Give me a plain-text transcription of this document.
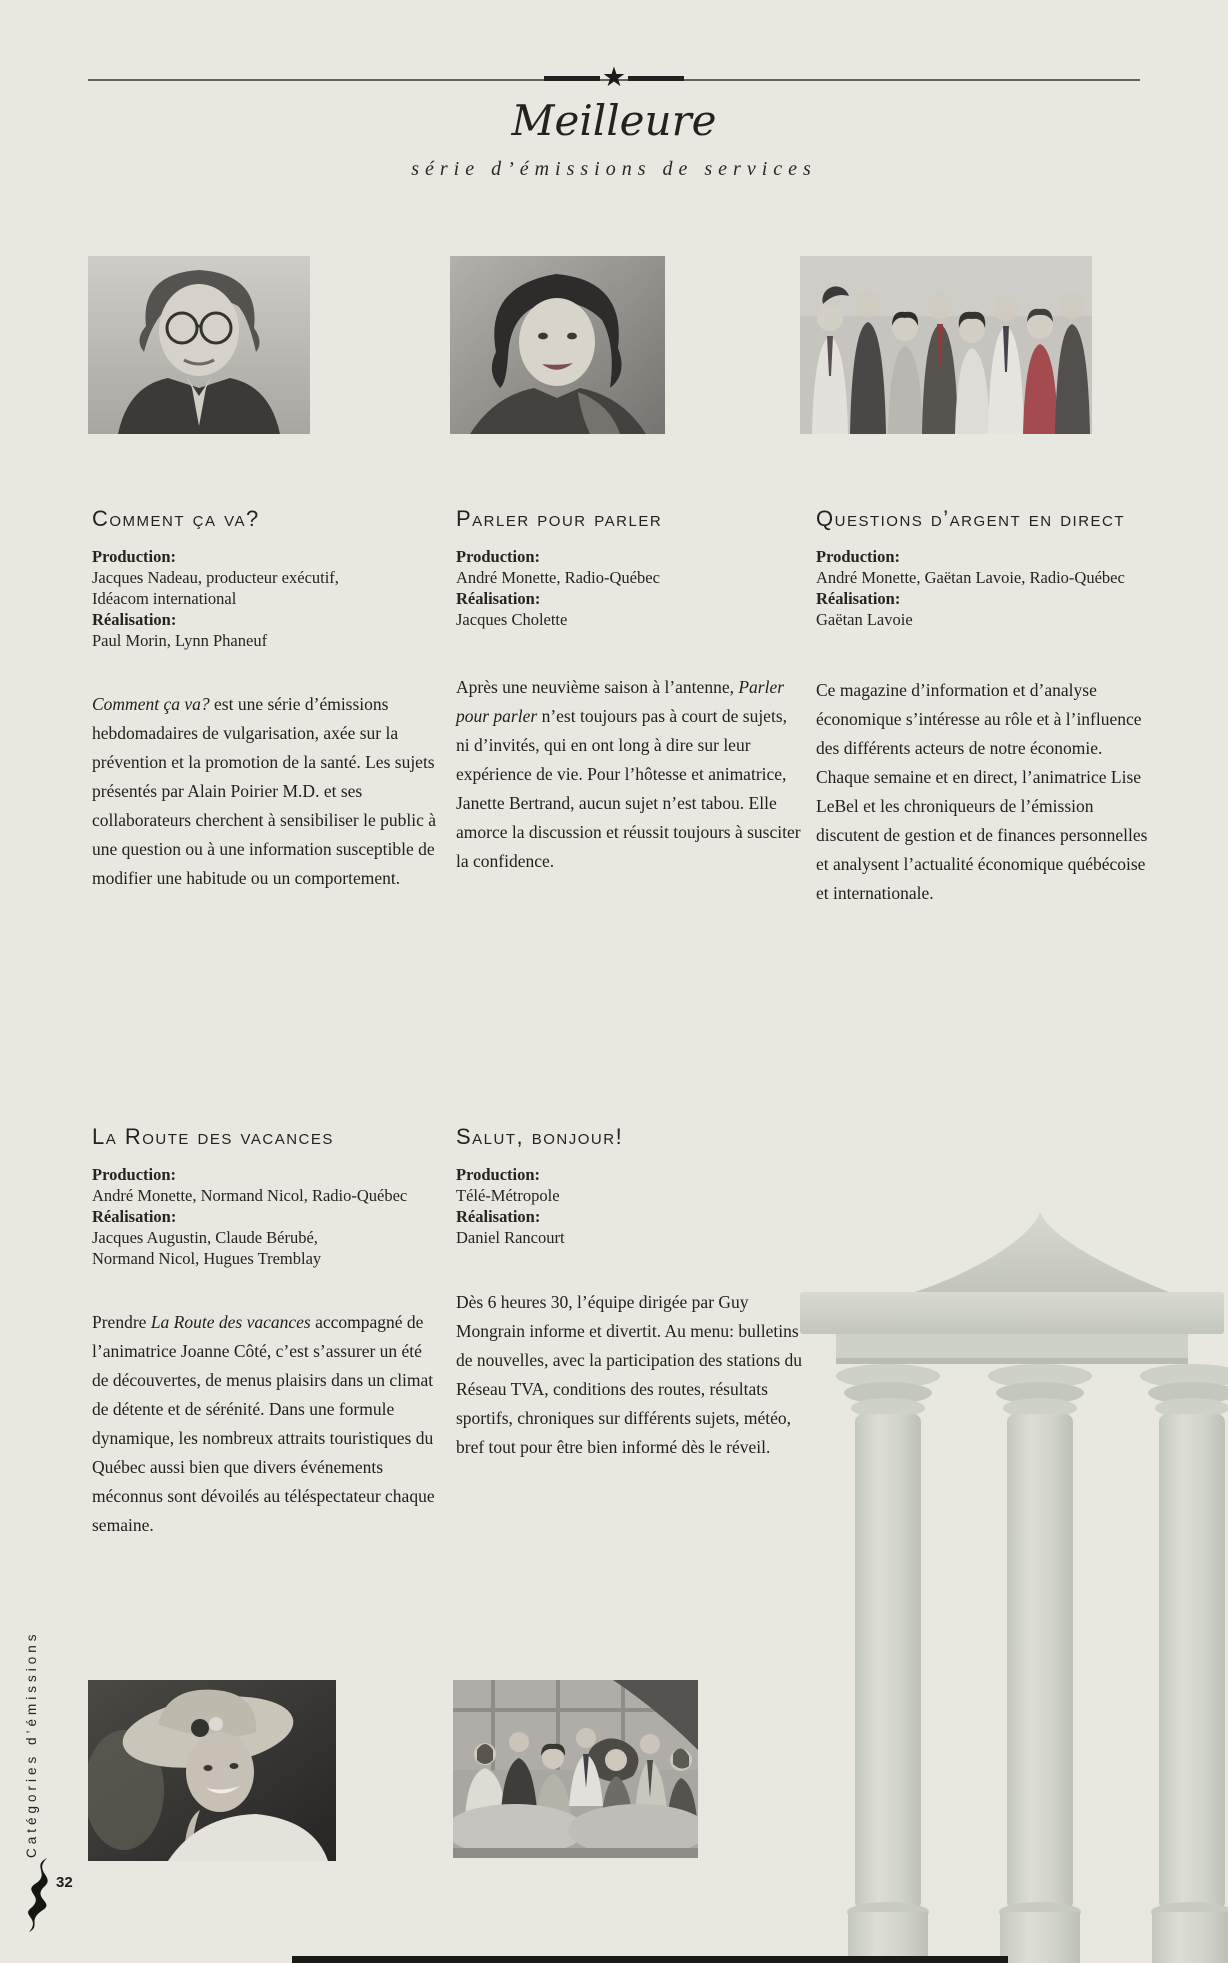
★
Meilleure
série d’émissions de services
Comment ça va?
Production:
Jacques Nadeau, producteur exécutif,
Idéacom international
Réalisation:
Paul Morin, Lynn Phaneuf

Comment ça va? est une série d’émissions hebdomadaires de vulgarisation, axée sur la prévention et la promotion de la santé. Les sujets présentés par Alain Poirier M.D. et ses collaborateurs cherchent à sensibiliser le public à une question ou à une information susceptible de modifier une habitude ou un comportement.

Parler pour parler
Production:
André Monette, Radio-Québec
Réalisation:
Jacques Cholette

Après une neuvième saison à l’antenne, Parler pour parler n’est toujours pas à court de sujets, ni d’invités, qui en ont long à dire sur leur expérience de vie. Pour l’hôtesse et animatrice, Janette Bertrand, aucun sujet n’est tabou. Elle amorce la discussion et réussit toujours à susciter la confidence.

Questions d’argent en direct
Production:
André Monette, Gaëtan Lavoie, Radio-Québec
Réalisation:
Gaëtan Lavoie

Ce magazine d’information et d’analyse économique s’intéresse au rôle et à l’influence des différents acteurs de notre économie. Chaque semaine et en direct, l’animatrice Lise LeBel et les chroniqueurs de l’émission discutent de gestion et de finances personnelles et analysent l’actualité économique québécoise et internationale.

La Route des vacances
Production:
André Monette, Normand Nicol, Radio-Québec
Réalisation:
Jacques Augustin, Claude Bérubé,
Normand Nicol, Hugues Tremblay

Prendre La Route des vacances accompagné de l’animatrice Joanne Côté, c’est s’assurer un été de découvertes, de menus plaisirs dans un climat de détente et de sérénité. Dans une formule dynamique, les nombreux attraits touristiques du Québec aussi bien que divers événements méconnus sont dévoilés au téléspectateur chaque semaine.

Salut, bonjour!
Production:
Télé-Métropole
Réalisation:
Daniel Rancourt

Dès 6 heures 30, l’équipe dirigée par Guy Mongrain informe et divertit. Au menu: bulletins de nouvelles, avec la participation des stations du Réseau TVA, conditions des routes, résultats sportifs, chroniques sur différents sujets, météo, bref tout pour être bien informé dès le réveil.

Catégories d’émissions
32
